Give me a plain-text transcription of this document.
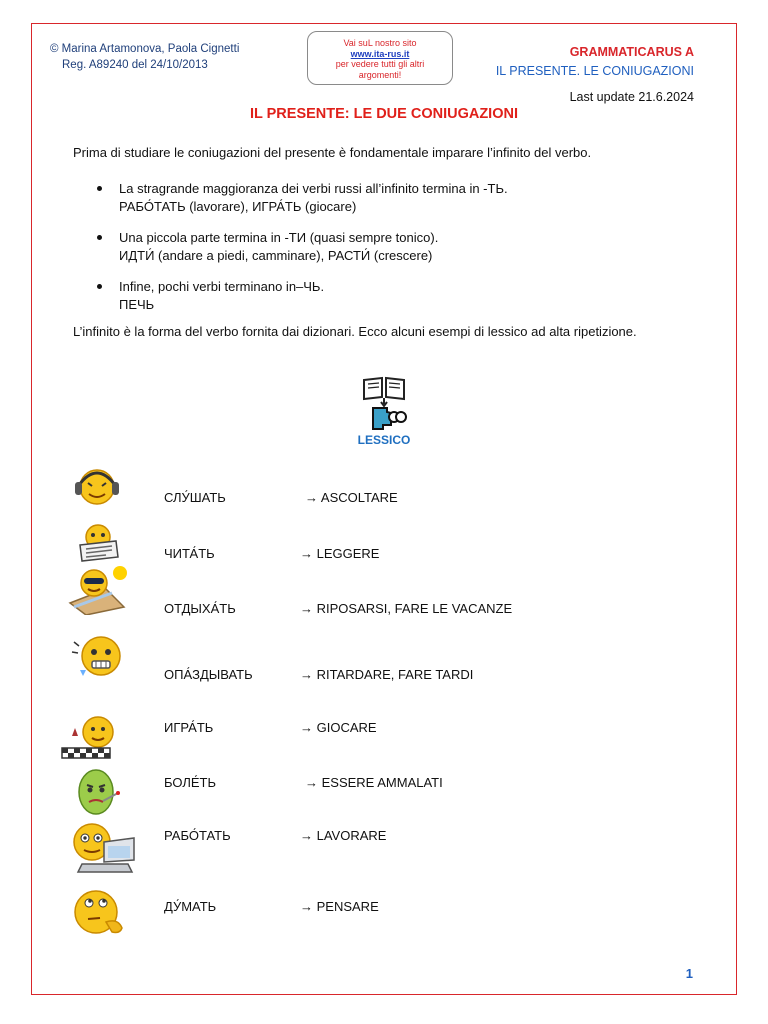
© Marina Artamonova, Paola Cignetti
Reg. A89240 del 24/10/2013
Vai suL nostro sito
www.ita-rus.it
per vedere tutti gli altri
argomenti!
GRAMMATICARUS A
IL PRESENTE. LE CONIUGAZIONI
Last update 21.6.2024
IL PRESENTE: LE DUE CONIUGAZIONI
Prima di studiare le coniugazioni del presente è fondamentale imparare l’infinito del verbo.
La stragrande maggioranza dei verbi russi all’infinito termina in -ТЬ.
РАБО́ТАТЬ (lavorare), ИГРА́ТЬ (giocare)
Una piccola parte termina in -ТИ (quasi sempre tonico).
ИДТИ́ (andare a piedi, camminare), РАСТИ́ (crescere)
Infine, pochi verbi terminano in–ЧЬ.
ПЕЧЬ
L’infinito è la forma del verbo fornita dai dizionari. Ecco alcuni esempi di lessico ad alta ripetizione.
LESSICO
СЛУ́ШАТЬ	→ ASCOLTARE
ЧИТА́ТЬ	→ LEGGERE
ОТДЫХА́ТЬ	→ RIPOSARSI, FARE LE VACANZE
ОПА́ЗДЫВАТЬ	→ RITARDARE, FARE TARDI
ИГРА́ТЬ	→ GIOCARE
БОЛЕ́ТЬ	→ ESSERE AMMALATI
РАБО́ТАТЬ	→ LAVORARE
ДУ́МАТЬ	→ PENSARE
1
